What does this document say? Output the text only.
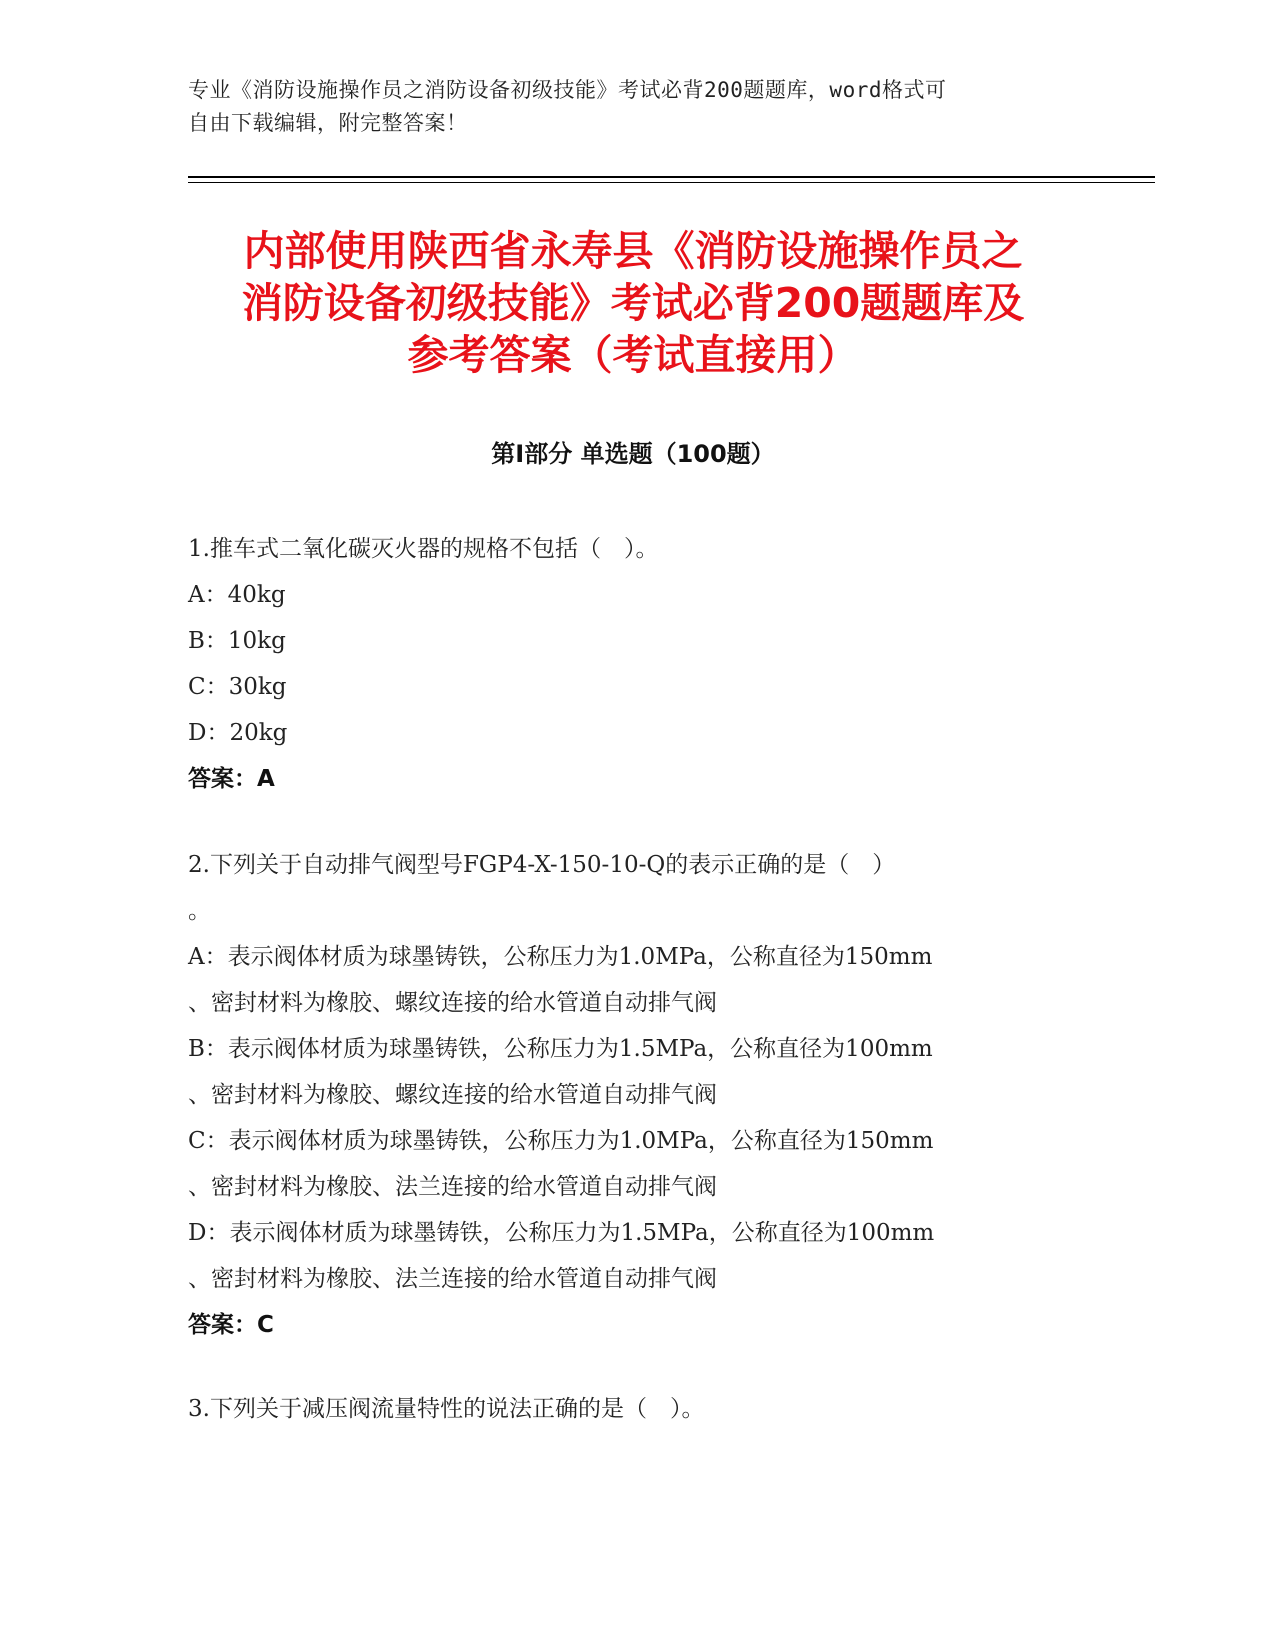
专业《消防设施操作员之消防设备初级技能》考试必背200题题库，word格式可
自由下载编辑，附完整答案！
内部使用陕西省永寿县《消防设施操作员之
消防设备初级技能》考试必背200题题库及
参考答案（考试直接用）
第Ⅰ部分 单选题（100题）
1.推车式二氧化碳灭火器的规格不包括（　）。
A：40kg
B：10kg
C：30kg
D：20kg
答案：A
2.下列关于自动排气阀型号FGP4-X-150-10-Q的表示正确的是（　）
。
A：表示阀体材质为球墨铸铁，公称压力为1.0MPa，公称直径为150mm
、密封材料为橡胶、螺纹连接的给水管道自动排气阀
B：表示阀体材质为球墨铸铁，公称压力为1.5MPa，公称直径为100mm
、密封材料为橡胶、螺纹连接的给水管道自动排气阀
C：表示阀体材质为球墨铸铁，公称压力为1.0MPa，公称直径为150mm
、密封材料为橡胶、法兰连接的给水管道自动排气阀
D：表示阀体材质为球墨铸铁，公称压力为1.5MPa，公称直径为100mm
、密封材料为橡胶、法兰连接的给水管道自动排气阀
答案：C
3.下列关于减压阀流量特性的说法正确的是（　）。
